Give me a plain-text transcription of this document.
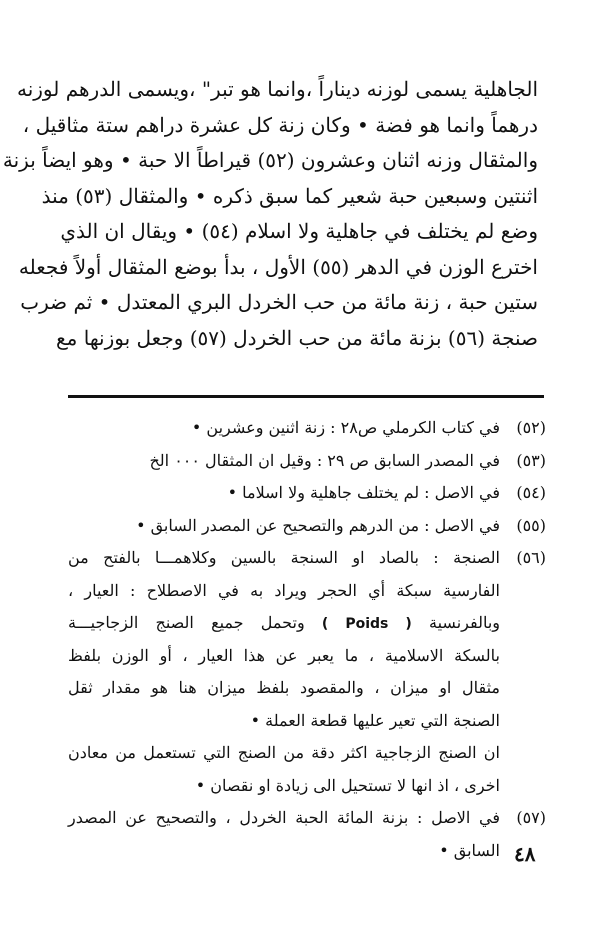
الجاهلية يسمى لوزنه ديناراً ،وانما هو تبر" ،ويسمى الدرهم لوزنه
درهماً وانما هو فضة • وكان زنة كل عشرة دراهم ستة مثاقيل ،
والمثقال وزنه اثنان وعشرون (٥٢) قيراطاً الا حبة • وهو ايضاً بزنة
اثنتين وسبعين حبة شعير كما سبق ذكره • والمثقال (٥٣) منذ
وضع لم يختلف في جاهلية ولا اسلام (٥٤) • ويقال ان الذي
اخترع الوزن في الدهر (٥٥) الأول ، بدأ بوضع المثقال أولاً فجعله
ستين حبة ، زنة مائة من حب الخردل البري المعتدل • ثم ضرب
صنجة (٥٦) بزنة مائة من حب الخردل (٥٧) وجعل بوزنها مع
(٥٢)
في كتاب الكرملي ص٢٨ : زنة اثنين وعشرين •
(٥٣)
في المصدر السابق ص ٢٩ : وقيل ان المثقال ٠٠٠ الخ
(٥٤)
في الاصل : لم يختلف جاهلية ولا اسلاما •
(٥٥)
في الاصل : من الدرهم والتصحيح عن المصدر السابق •
(٥٦)
الصنجة : بالصاد او السنجة بالسين وكلاهمـــا بالفتح من
الفارسية سبكة أي الحجر ويراد به في الاصطلاح : العيار ،
وبالفرنسية ( Poids ) وتحمل جميع الصنج الزجاجيـــة
بالسكة الاسلامية ، ما يعبر عن هذا العيار ، أو الوزن بلفظ
مثقال او ميزان ، والمقصود بلفظ ميزان هنا هو مقدار ثقل
الصنجة التي تعير عليها قطعة العملة •
ان الصنج الزجاجية اكثر دقة من الصنج التي تستعمل من معادن
اخرى ، اذ انها لا تستحيل الى زيادة او نقصان •
(٥٧)
في الاصل : بزنة المائة الحبة الخردل ، والتصحيح عن المصدر
السابق • ٤٨
